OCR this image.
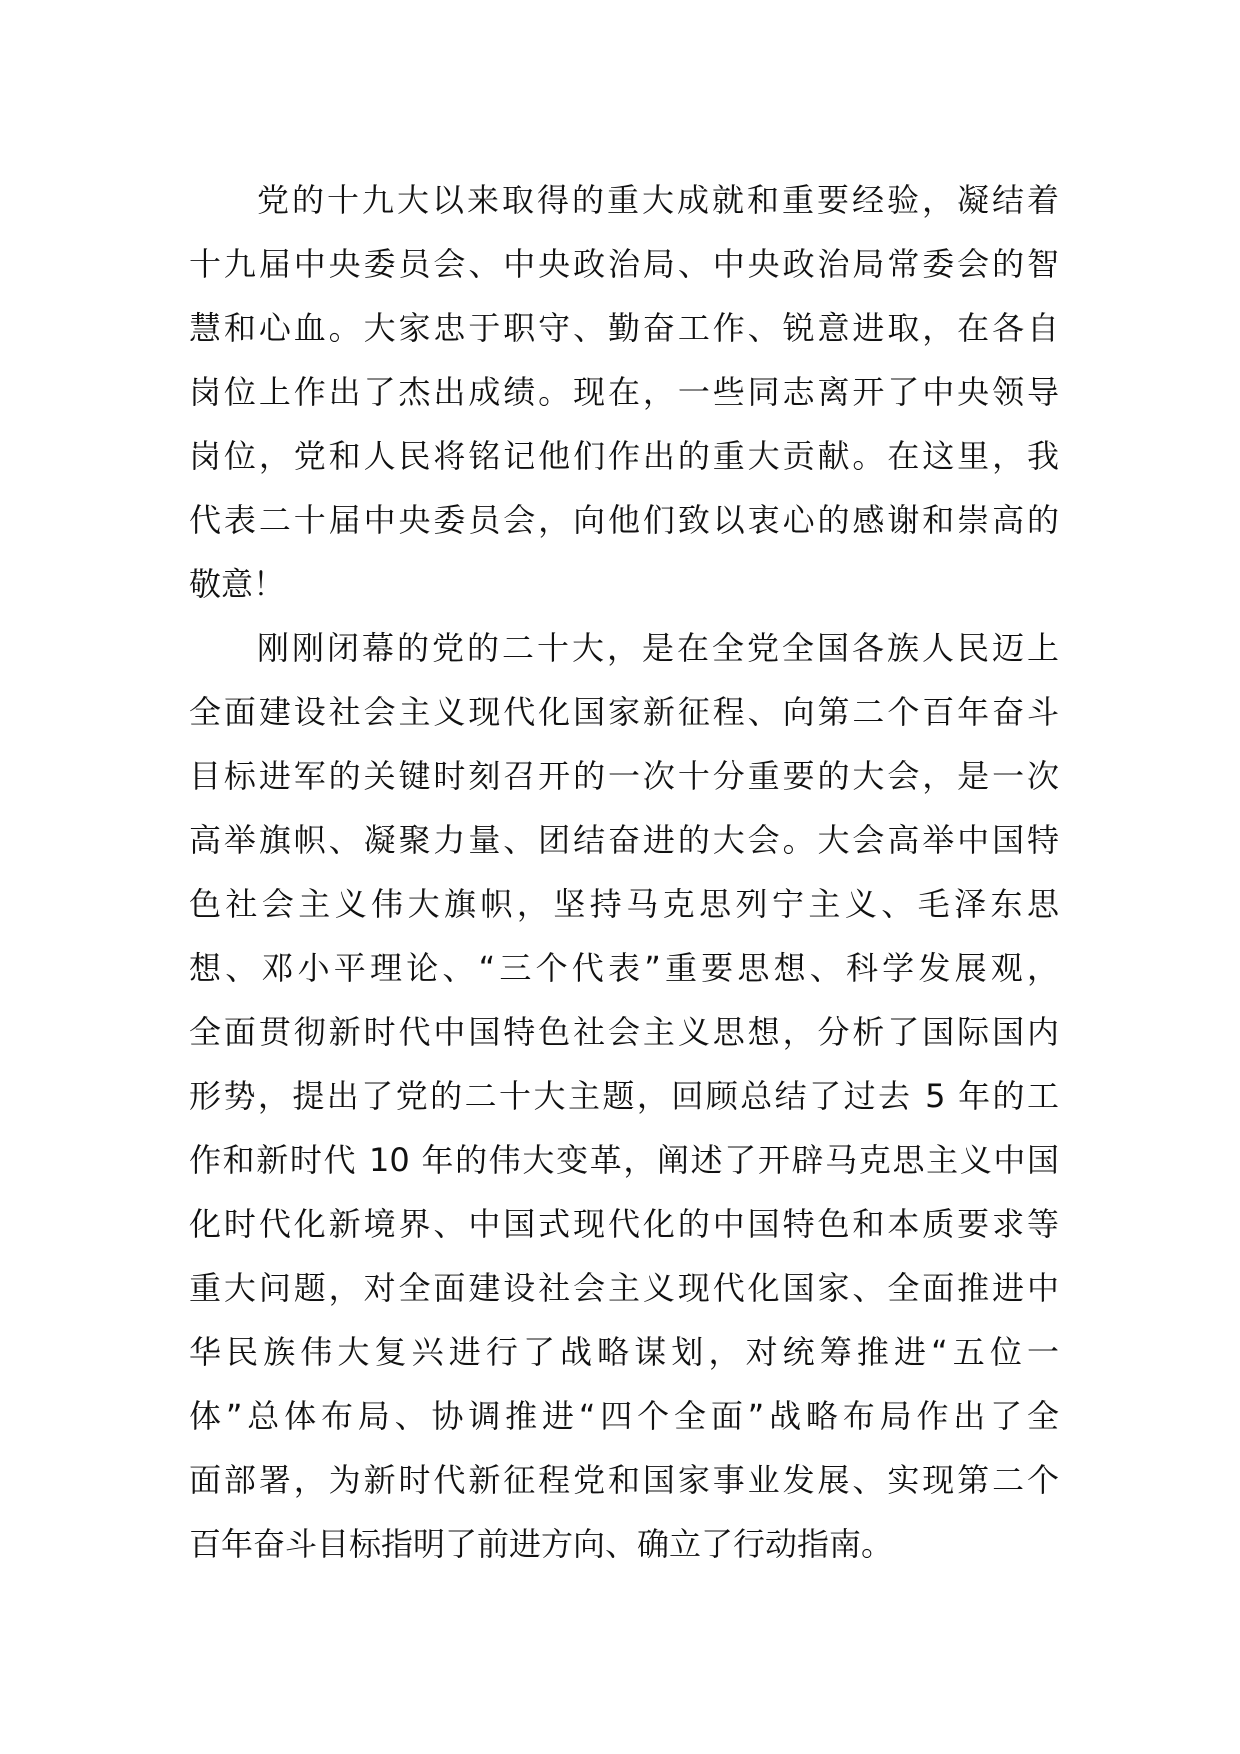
党的十九大以来取得的重大成就和重要经验，凝结着
十九届中央委员会、中央政治局、中央政治局常委会的智
慧和心血。大家忠于职守、勤奋工作、锐意进取，在各自
岗位上作出了杰出成绩。现在，一些同志离开了中央领导
岗位，党和人民将铭记他们作出的重大贡献。在这里，我
代表二十届中央委员会，向他们致以衷心的感谢和崇高的
敬意！
刚刚闭幕的党的二十大，是在全党全国各族人民迈上
全面建设社会主义现代化国家新征程、向第二个百年奋斗
目标进军的关键时刻召开的一次十分重要的大会，是一次
高举旗帜、凝聚力量、团结奋进的大会。大会高举中国特
色社会主义伟大旗帜，坚持马克思列宁主义、毛泽东思
想、邓小平理论、“三个代表”重要思想、科学发展观，
全面贯彻新时代中国特色社会主义思想，分析了国际国内
形势，提出了党的二十大主题，回顾总结了过去 5 年的工
作和新时代 10 年的伟大变革，阐述了开辟马克思主义中国
化时代化新境界、中国式现代化的中国特色和本质要求等
重大问题，对全面建设社会主义现代化国家、全面推进中
华民族伟大复兴进行了战略谋划，对统筹推进“五位一
体”总体布局、协调推进“四个全面”战略布局作出了全
面部署，为新时代新征程党和国家事业发展、实现第二个
百年奋斗目标指明了前进方向、确立了行动指南。
